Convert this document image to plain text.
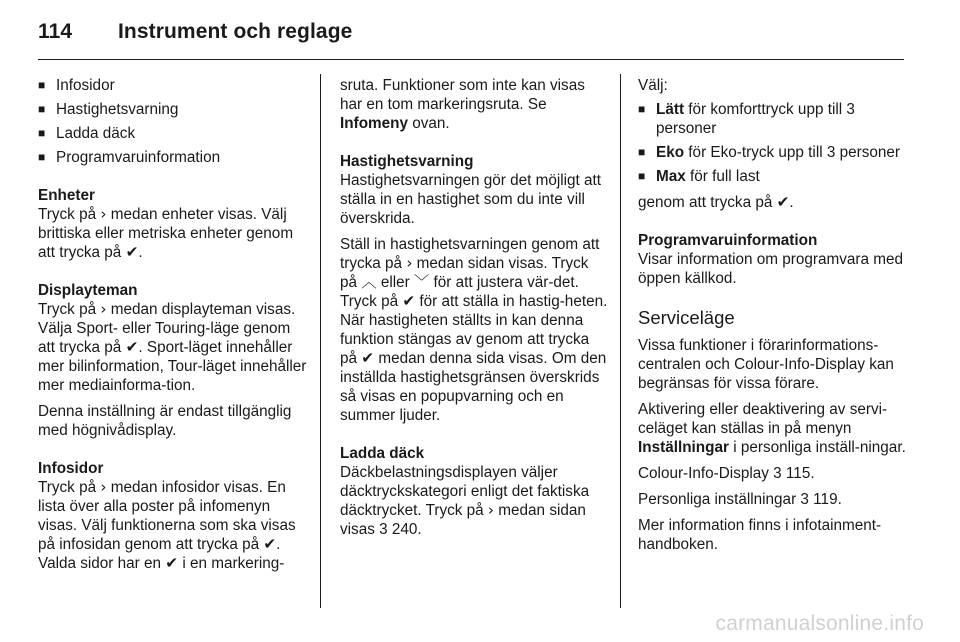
114 Instrument och reglage
■ Infosidor
■ Hastighetsvarning
■ Ladda däck
■ Programvaruinformation

Enheter

Tryck på › medan enheter visas. Välj brittiska eller metriska enheter genom att trycka på ✔.

Displayteman

Tryck på › medan displayteman visas. Välja Sport- eller Touring-läge genom att trycka på ✔. Sport-läget innehåller mer bilinformation, Tour-läget innehåller mer mediainforma-tion.

Denna inställning är endast tillgänglig med högnivådisplay.

Infosidor

Tryck på › medan infosidor visas. En lista över alla poster på infomenyn visas. Välj funktionerna som ska visas på infosidan genom att trycka på ✔. Valda sidor har en ✔ i en markering-

sruta. Funktioner som inte kan visas har en tom markeringsruta. Se Infomeny ovan.

Hastighetsvarning

Hastighetsvarningen gör det möjligt att ställa in en hastighet som du inte vill överskrida.

Ställ in hastighetsvarningen genom att trycka på › medan sidan visas. Tryck på ︿ eller ﹀ för att justera vär-det. Tryck på ✔ för att ställa in hastig-heten. När hastigheten ställts in kan denna funktion stängas av genom att trycka på ✔ medan denna sida visas. Om den inställda hastighetsgränsen överskrids så visas en popupvarning och en summer ljuder.

Ladda däck

Däckbelastningsdisplayen väljer däcktryckskategori enligt det faktiska däcktrycket. Tryck på › medan sidan visas 3 240.

Välj:

■ Lätt för komforttryck upp till 3 personer
■ Eko för Eko-tryck upp till 3 personer
■ Max för full last

genom att trycka på ✔.

Programvaruinformation

Visar information om programvara med öppen källkod.

Serviceläge

Vissa funktioner i förarinformations-centralen och Colour-Info-Display kan begränsas för vissa förare.

Aktivering eller deaktivering av servi-celäget kan ställas in på menyn Inställningar i personliga inställ-ningar.

Colour-Info-Display 3 115.

Personliga inställningar 3 119.

Mer information finns i infotainment-handboken.

carmanualsonline.info
